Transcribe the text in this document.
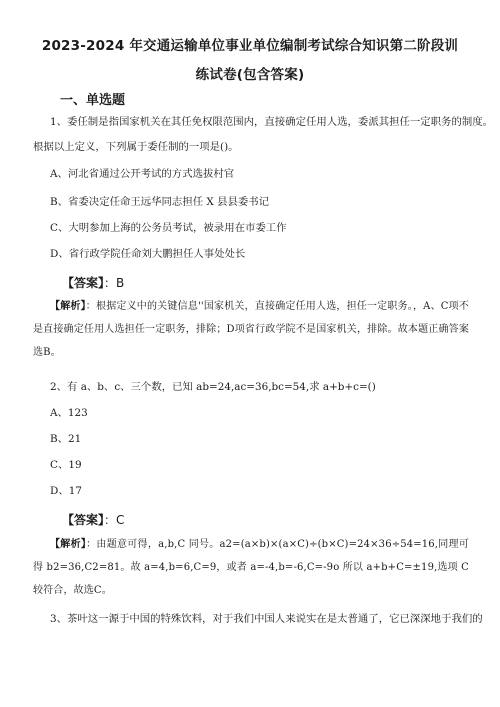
2023-2024 年交通运输单位事业单位编制考试综合知识第二阶段训
练试卷(包含答案)
一、单选题
1、委任制是指国家机关在其任免权限范围内，直接确定任用人选，委派其担任一定职务的制度。
根据以上定义，下列属于委任制的一项是()。
A、河北省通过公开考试的方式选拔村官
B、省委决定任命王远华同志担任 X 县县委书记
C、大明参加上海的公务员考试，被录用在市委工作
D、省行政学院任命刘大鹏担任人事处处长
【答案】：B
【解析】：根据定义中的关键信息''国家机关，直接确定任用人选，担任一定职务。，A、C项不是直接确定任用人选担任一定职务，排除；D项省行政学院不是国家机关，排除。故本题正确答案选B。
2、有 a、b、c、三个数，已知 ab=24,ac=36,bc=54,求 a+b+c=()
A、123
B、21
C、19
D、17
【答案】：C
【解析】：由题意可得，a,b,C 同号。a2=(a×b)×(a×C)÷(b×C)=24×36÷54=16,同理可得 b2=36,C2=81。故 a=4,b=6,C=9，或者 a=-4,b=-6,C=-9o 所以 a+b+C=±19,选项 C 较符合，故选C。
3、茶叶这一源于中国的特殊饮料，对于我们中国人来说实在是太普通了，它已深深地于我们的
